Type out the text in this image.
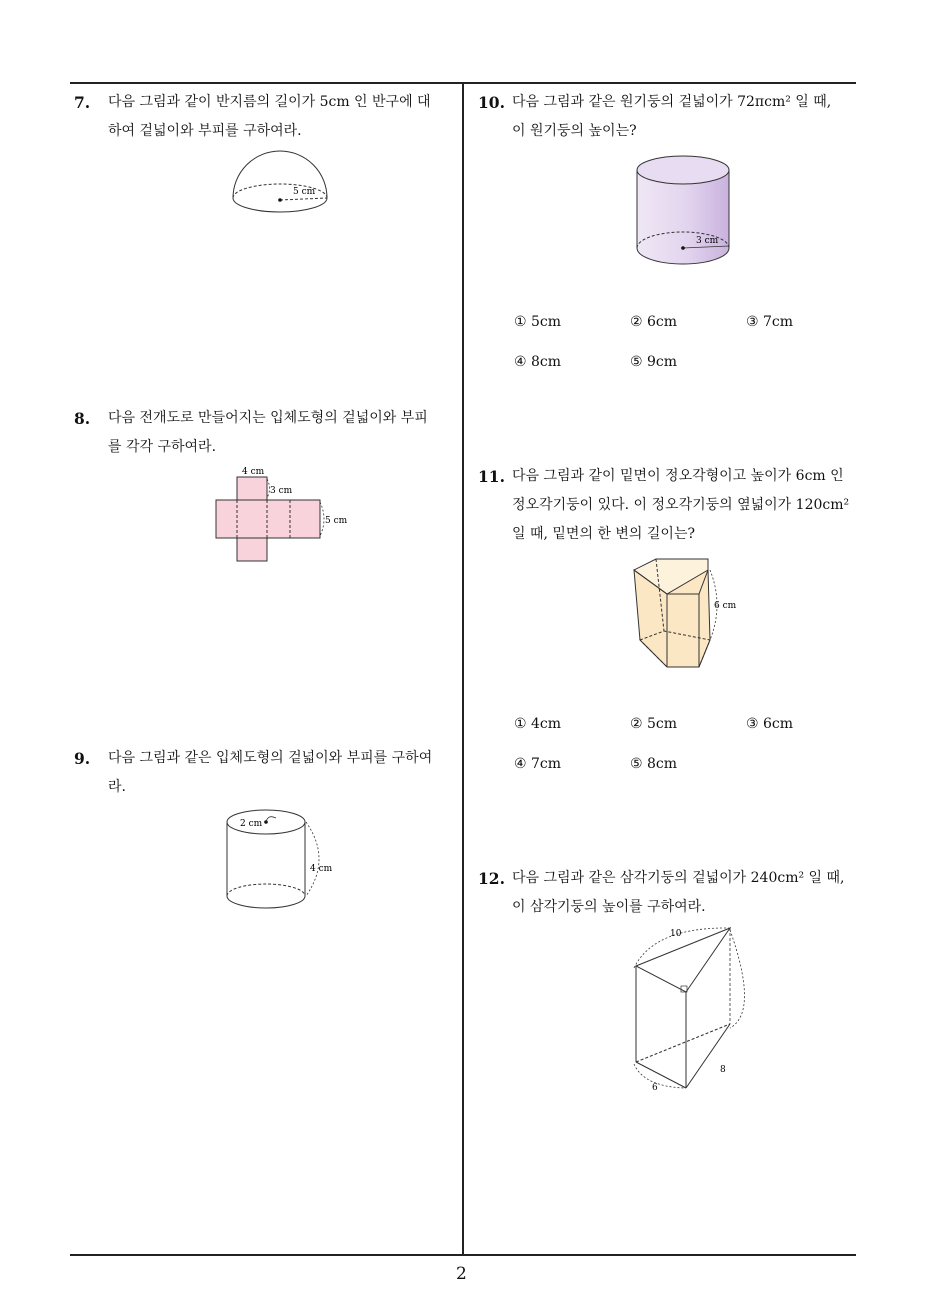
7. 다음 그림과 같이 반지름의 길이가 5cm 인 반구에 대
하여 겉넓이와 부피를 구하여라.
5 cm
8. 다음 전개도로 만들어지는 입체도형의 겉넓이와 부피
를 각각 구하여라.
4 cm
3 cm
5 cm
9. 다음 그림과 같은 입체도형의 겉넓이와 부피를 구하여
라.
2 cm
4 cm
10. 다음 그림과 같은 원기둥의 겉넓이가 72πcm² 일 때,
이 원기둥의 높이는?
3 cm
① 5cm	② 6cm	③ 7cm
④ 8cm	⑤ 9cm
11. 다음 그림과 같이 밑면이 정오각형이고 높이가 6cm 인
정오각기둥이 있다. 이 정오각기둥의 옆넓이가 120cm²
일 때, 밑면의 한 변의 길이는?
6 cm
① 4cm	② 5cm	③ 6cm
④ 7cm	⑤ 8cm
12. 다음 그림과 같은 삼각기둥의 겉넓이가 240cm² 일 때,
이 삼각기둥의 높이를 구하여라.
10
8
6
2
